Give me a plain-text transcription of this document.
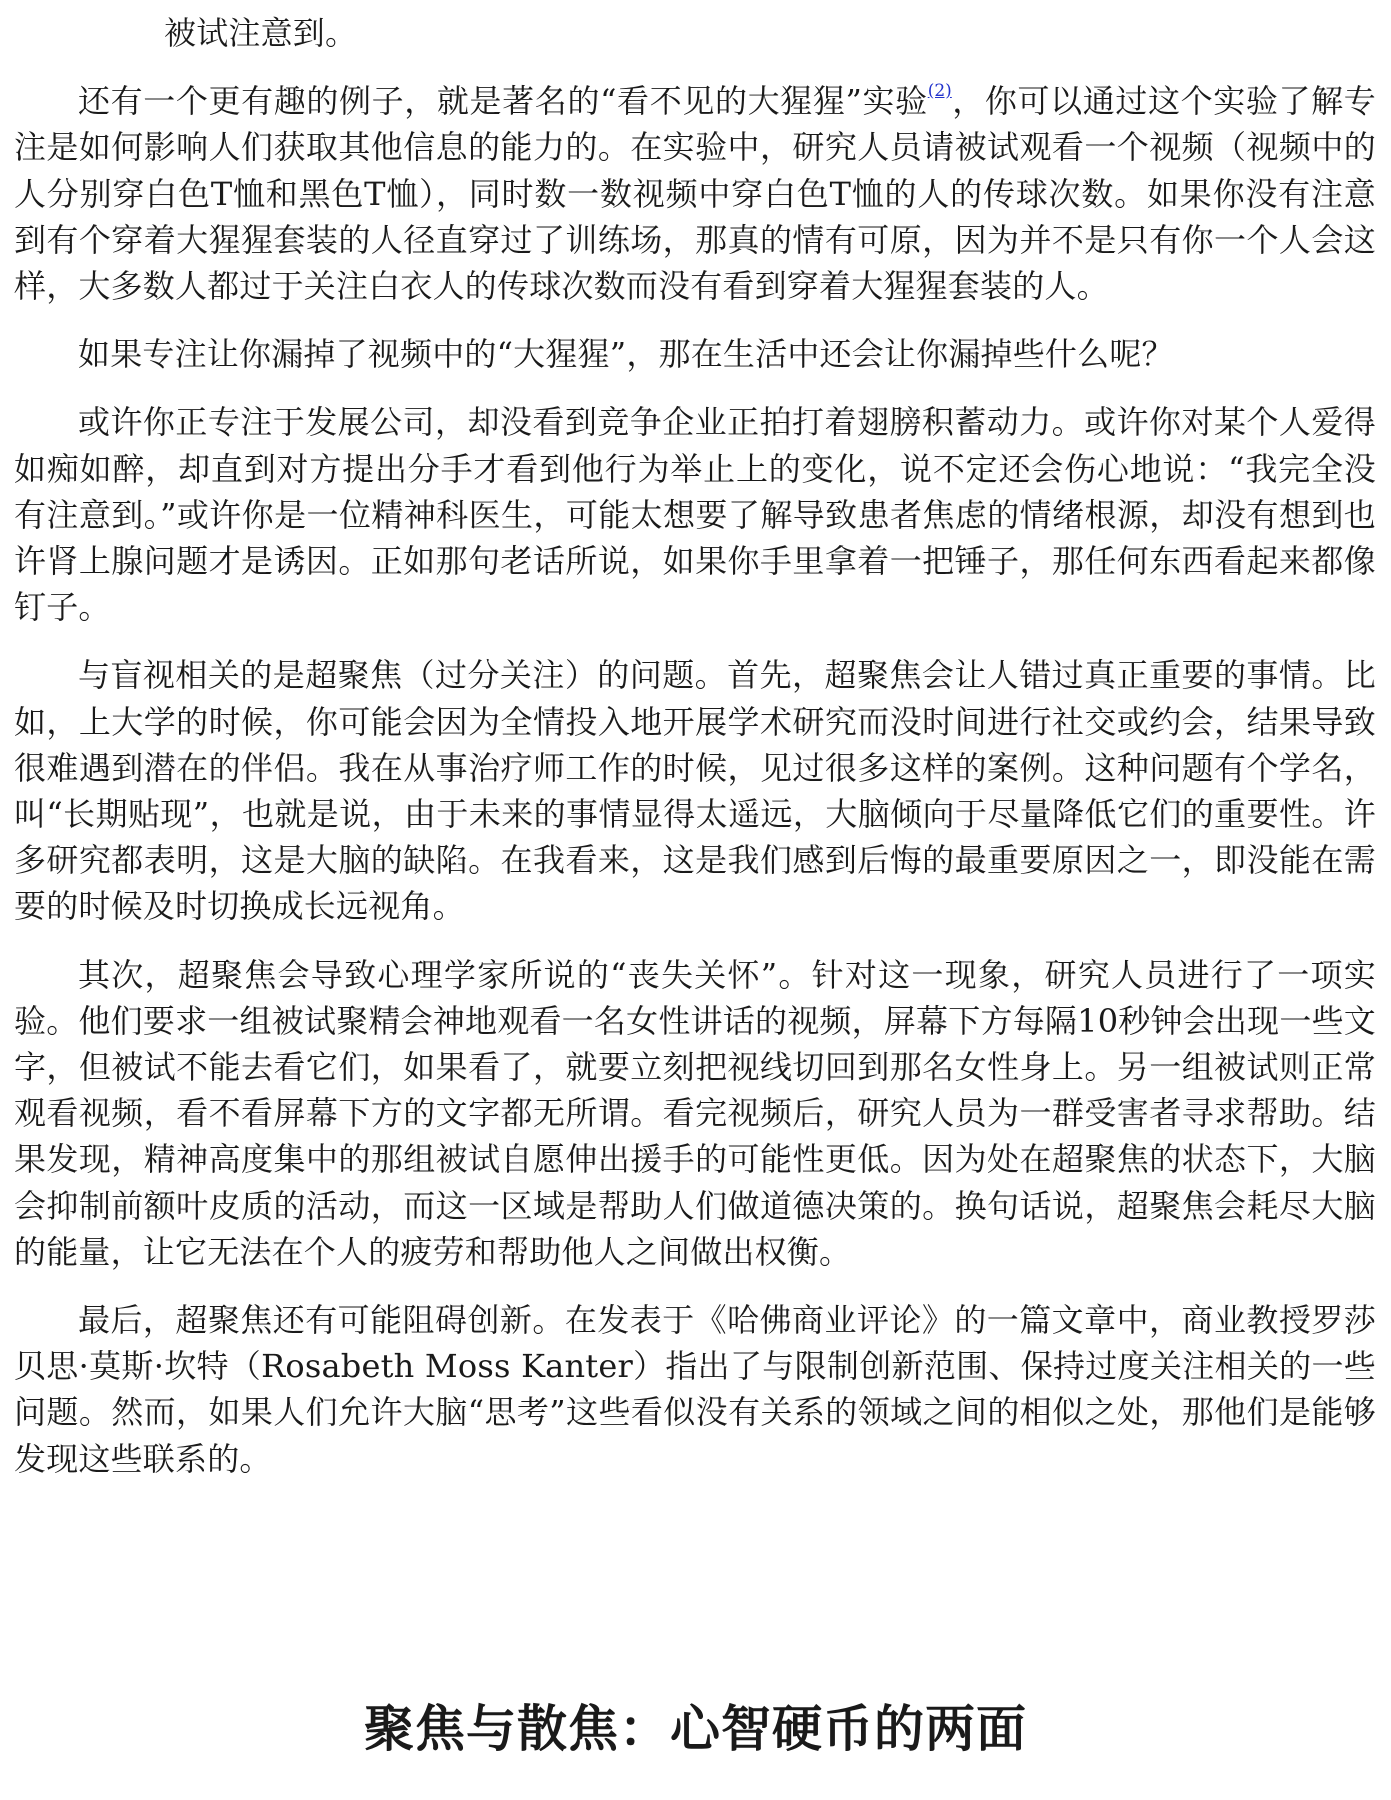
被试注意到。

还有一个更有趣的例子，就是著名的“看不见的大猩猩”实验$^{(2)}$，你可以通过这个实验了解专注是如何影响人们获取其他信息的能力的。在实验中，研究人员请被试观看一个视频（视频中的人分别穿白色T恤和黑色T恤），同时数一数视频中穿白色T恤的人的传球次数。如果你没有注意到有个穿着大猩猩套装的人径直穿过了训练场，那真的情有可原，因为并不是只有你一个人会这样，大多数人都过于关注白衣人的传球次数而没有看到穿着大猩猩套装的人。

如果专注让你漏掉了视频中的“大猩猩”，那在生活中还会让你漏掉些什么呢？

或许你正专注于发展公司，却没看到竞争企业正拍打着翅膀积蓄动力。或许你对某个人爱得如痴如醉，却直到对方提出分手才看到他行为举止上的变化，说不定还会伤心地说：“我完全没有注意到。”或许你是一位精神科医生，可能太想要了解导致患者焦虑的情绪根源，却没有想到也许肾上腺问题才是诱因。正如那句老话所说，如果你手里拿着一把锤子，那任何东西看起来都像钉子。

与盲视相关的是超聚焦（过分关注）的问题。首先，超聚焦会让人错过真正重要的事情。比如，上大学的时候，你可能会因为全情投入地开展学术研究而没时间进行社交或约会，结果导致很难遇到潜在的伴侣。我在从事治疗师工作的时候，见过很多这样的案例。这种问题有个学名，叫“长期贴现”，也就是说，由于未来的事情显得太遥远，大脑倾向于尽量降低它们的重要性。许多研究都表明，这是大脑的缺陷。在我看来，这是我们感到后悔的最重要原因之一，即没能在需要的时候及时切换成长远视角。

其次，超聚焦会导致心理学家所说的“丧失关怀”。针对这一现象，研究人员进行了一项实验。他们要求一组被试聚精会神地观看一名女性讲话的视频，屏幕下方每隔10秒钟会出现一些文字，但被试不能去看它们，如果看了，就要立刻把视线切回到那名女性身上。另一组被试则正常观看视频，看不看屏幕下方的文字都无所谓。看完视频后，研究人员为一群受害者寻求帮助。结果发现，精神高度集中的那组被试自愿伸出援手的可能性更低。因为处在超聚焦的状态下，大脑会抑制前额叶皮质的活动，而这一区域是帮助人们做道德决策的。换句话说，超聚焦会耗尽大脑的能量，让它无法在个人的疲劳和帮助他人之间做出权衡。

最后，超聚焦还有可能阻碍创新。在发表于《哈佛商业评论》的一篇文章中，商业教授罗莎贝思·莫斯·坎特（Rosabeth Moss Kanter）指出了与限制创新范围、保持过度关注相关的一些问题。然而，如果人们允许大脑“思考”这些看似没有关系的领域之间的相似之处，那他们是能够发现这些联系的。

聚焦与散焦：心智硬币的两面
